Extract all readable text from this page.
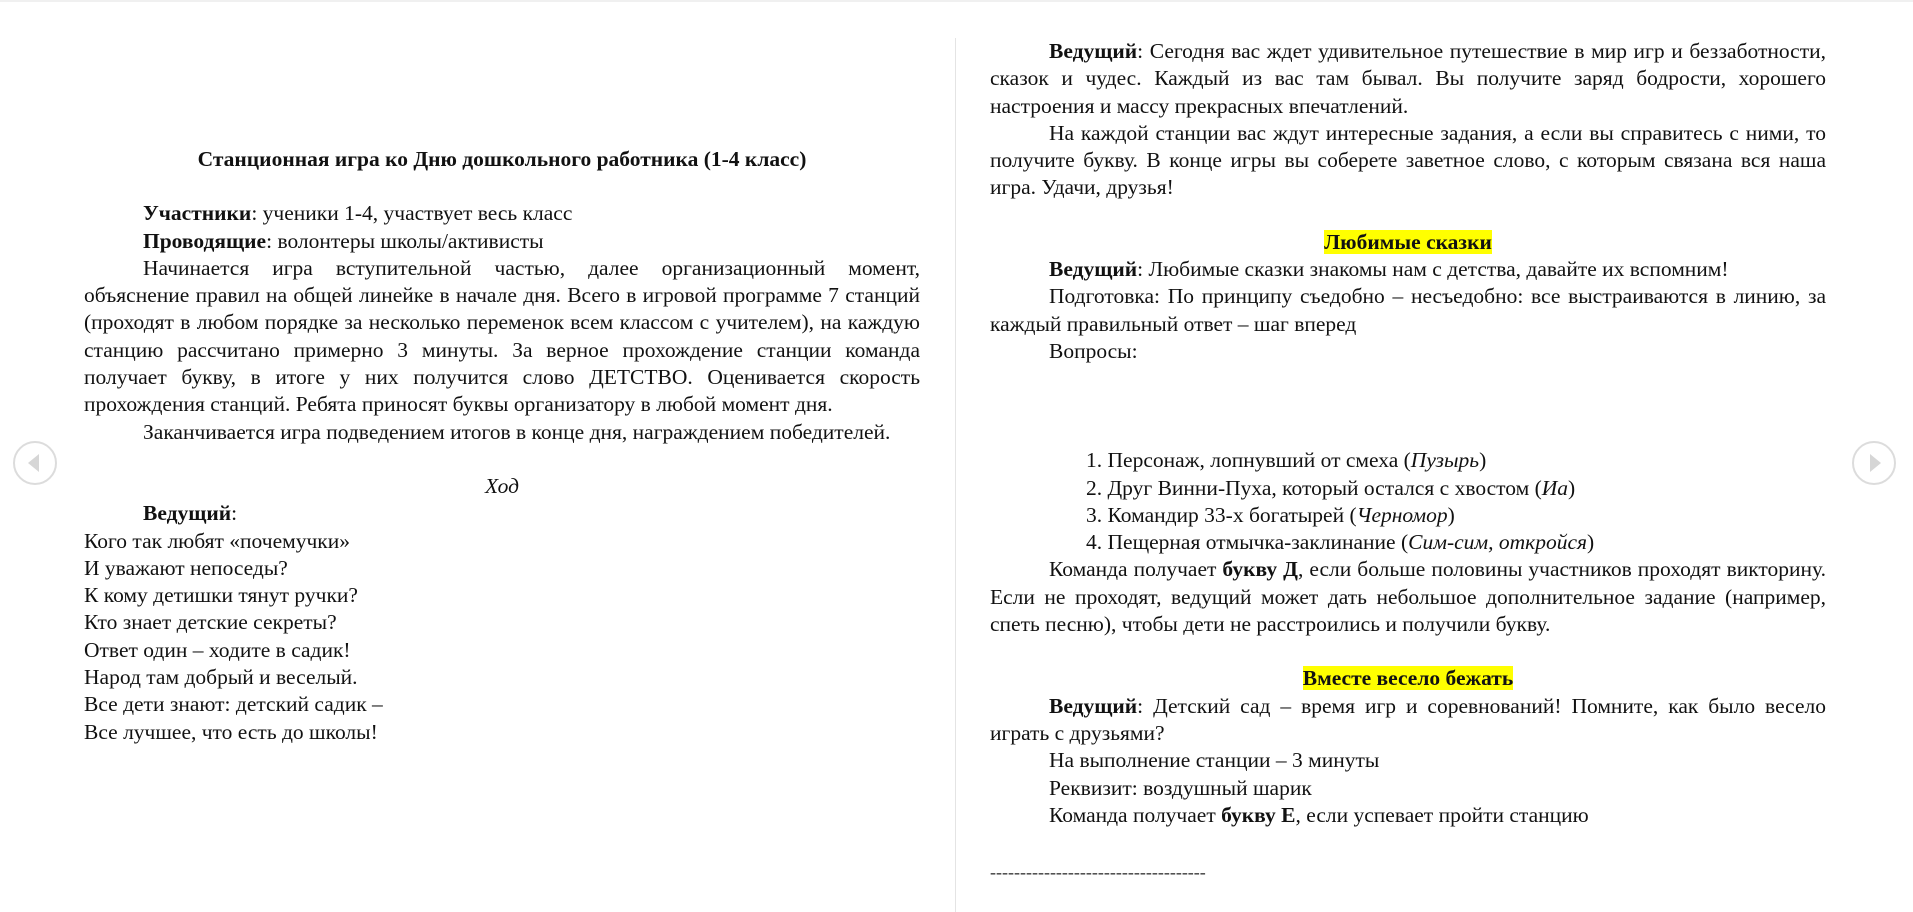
Станционная игра ко Дню дошкольного работника (1-4 класс)

Участники: ученики 1-4, участвует весь класс

Проводящие: волонтеры школы/активисты

Начинается игра вступительной частью, далее организационный момент, объяснение правил на общей линейке в начале дня. Всего в игровой программе 7 станций (проходят в любом порядке за несколько переменок всем классом с учителем), на каждую станцию рассчитано примерно 3 минуты. За верное прохождение станции команда получает букву, в итоге у них получится слово ДЕТСТВО. Оценивается скорость прохождения станций. Ребята приносят буквы организатору в любой момент дня.

Заканчивается игра подведением итогов в конце дня, награждением победителей.

Ход

Ведущий:

Кого так любят «почемучки»

И уважают непоседы?

К кому детишки тянут ручки?

Кто знает детские секреты?

Ответ один – ходите в садик!

Народ там добрый и веселый.

Все дети знают: детский садик –

Все лучшее, что есть до школы!

Ведущий: Сегодня вас ждет удивительное путешествие в мир игр и беззаботности, сказок и чудес. Каждый из вас там бывал. Вы получите заряд бодрости, хорошего настроения и массу прекрасных впечатлений.

На каждой станции вас ждут интересные задания, а если вы справитесь с ними, то получите букву. В конце игры вы соберете заветное слово, с которым связана вся наша игра. Удачи, друзья!

Любимые сказки

Ведущий: Любимые сказки знакомы нам с детства, давайте их вспомним!

Подготовка: По принципу съедобно – несъедобно: все выстраиваются в линию, за каждый правильный ответ – шаг вперед

Вопросы:

1. Персонаж, лопнувший от смеха (Пузырь)
2. Друг Винни-Пуха, который остался с хвостом (Иа)
3. Командир 33-х богатырей (Черномор)
4. Пещерная отмычка-заклинание (Сим-сим, откройся)

Команда получает букву Д, если больше половины участников проходят викторину. Если не проходят, ведущий может дать небольшое дополнительное задание (например, спеть песню), чтобы дети не расстроились и получили букву.

Вместе весело бежать

Ведущий: Детский сад – время игр и соревнований! Помните, как было весело играть с друзьями?

На выполнение станции – 3 минуты

Реквизит: воздушный шарик

Команда получает букву Е, если успевает пройти станцию

------------------------------------
